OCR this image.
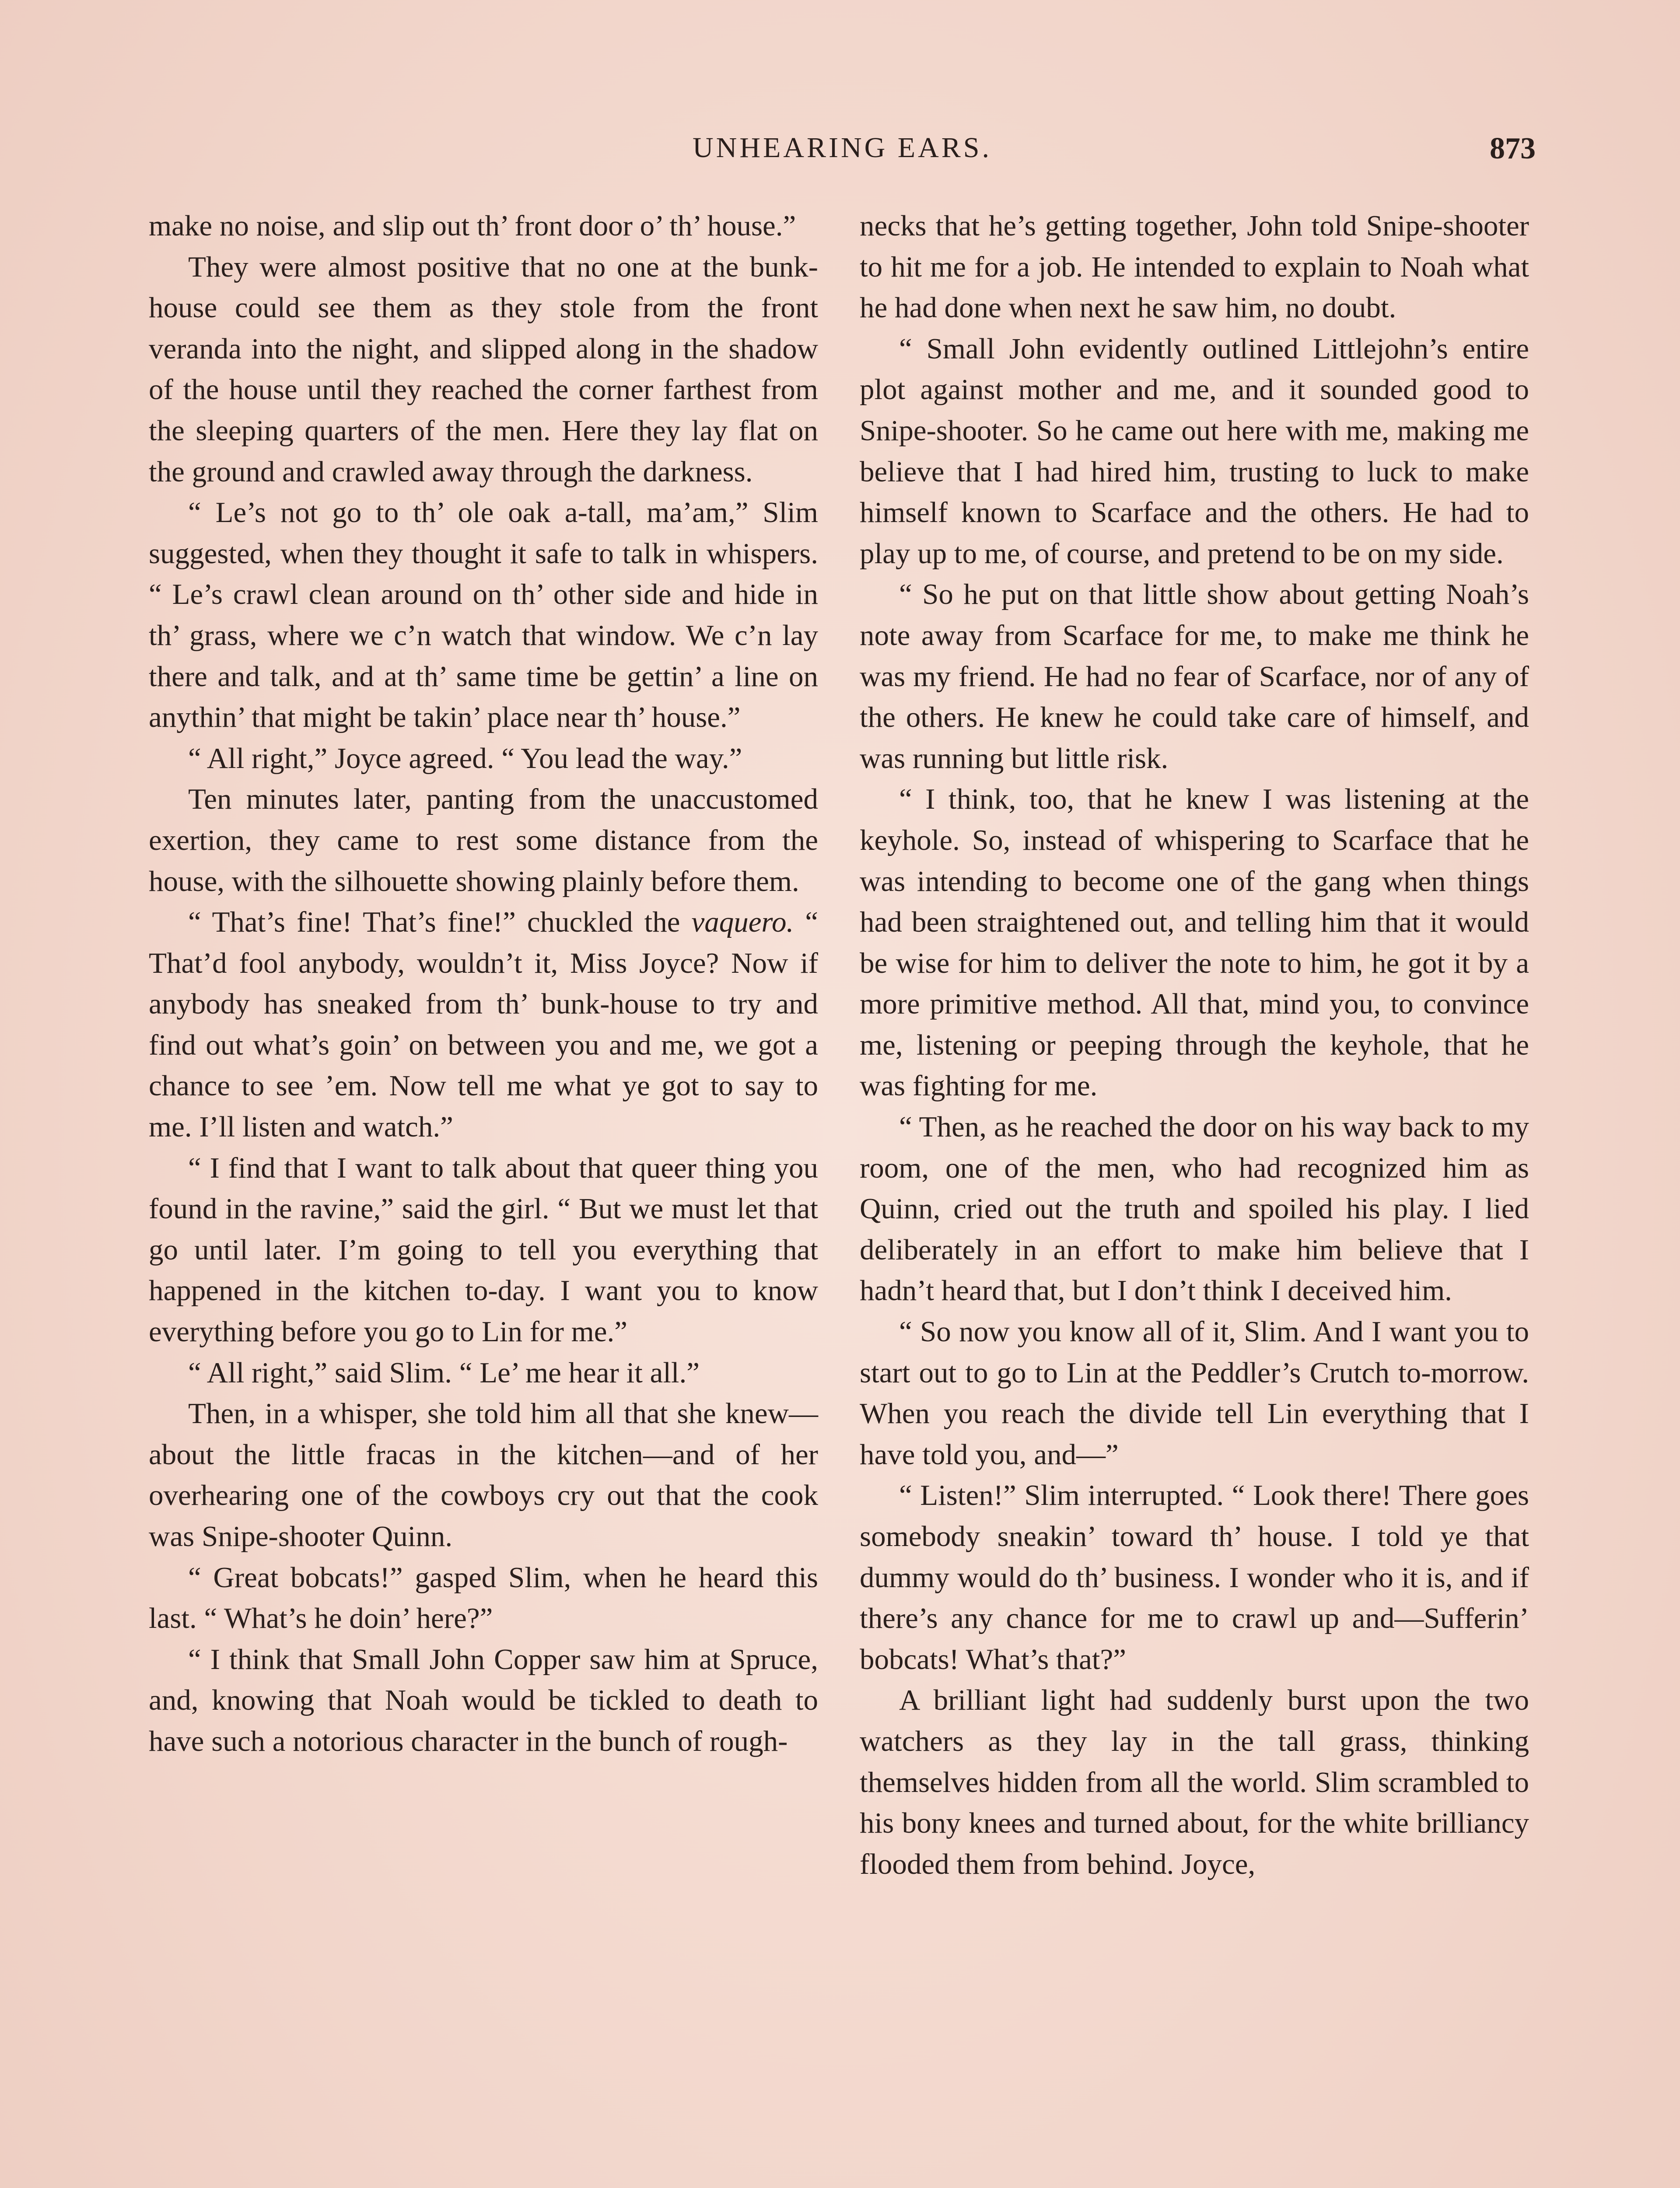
UNHEARING EARS.	873

make no noise, and slip out th’ front door o’ th’ house.”

They were almost positive that no one at the bunk-house could see them as they stole from the front veranda into the night, and slipped along in the shadow of the house until they reached the corner farthest from the sleeping quarters of the men. Here they lay flat on the ground and crawled away through the darkness.

“ Le’s not go to th’ ole oak a-tall, ma’am,” Slim suggested, when they thought it safe to talk in whispers. “ Le’s crawl clean around on th’ other side and hide in th’ grass, where we c’n watch that window. We c’n lay there and talk, and at th’ same time be gettin’ a line on anythin’ that might be takin’ place near th’ house.”

“ All right,” Joyce agreed. “ You lead the way.”

Ten minutes later, panting from the unaccustomed exertion, they came to rest some distance from the house, with the silhouette showing plainly before them.

“ That’s fine! That’s fine!” chuckled the vaquero. “ That’d fool anybody, wouldn’t it, Miss Joyce? Now if anybody has sneaked from th’ bunk-house to try and find out what’s goin’ on between you and me, we got a chance to see ’em. Now tell me what ye got to say to me. I’ll listen and watch.”

“ I find that I want to talk about that queer thing you found in the ravine,” said the girl. “ But we must let that go until later. I’m going to tell you everything that happened in the kitchen to-day. I want you to know everything before you go to Lin for me.”

“ All right,” said Slim. “ Le’ me hear it all.”

Then, in a whisper, she told him all that she knew—about the little fracas in the kitchen—and of her overhearing one of the cowboys cry out that the cook was Snipe-shooter Quinn.

“ Great bobcats!” gasped Slim, when he heard this last. “ What’s he doin’ here?”

“ I think that Small John Copper saw him at Spruce, and, knowing that Noah would be tickled to death to have such a notorious character in the bunch of rough-

necks that he’s getting together, John told Snipe-shooter to hit me for a job. He intended to explain to Noah what he had done when next he saw him, no doubt.

“ Small John evidently outlined Littlejohn’s entire plot against mother and me, and it sounded good to Snipe-shooter. So he came out here with me, making me believe that I had hired him, trusting to luck to make himself known to Scarface and the others. He had to play up to me, of course, and pretend to be on my side.

“ So he put on that little show about getting Noah’s note away from Scarface for me, to make me think he was my friend. He had no fear of Scarface, nor of any of the others. He knew he could take care of himself, and was running but little risk.

“ I think, too, that he knew I was listening at the keyhole. So, instead of whispering to Scarface that he was intending to become one of the gang when things had been straightened out, and telling him that it would be wise for him to deliver the note to him, he got it by a more primitive method. All that, mind you, to convince me, listening or peeping through the keyhole, that he was fighting for me.

“ Then, as he reached the door on his way back to my room, one of the men, who had recognized him as Quinn, cried out the truth and spoiled his play. I lied deliberately in an effort to make him believe that I hadn’t heard that, but I don’t think I deceived him.

“ So now you know all of it, Slim. And I want you to start out to go to Lin at the Peddler’s Crutch to-morrow. When you reach the divide tell Lin everything that I have told you, and—”

“ Listen!” Slim interrupted. “ Look there! There goes somebody sneakin’ toward th’ house. I told ye that dummy would do th’ business. I wonder who it is, and if there’s any chance for me to crawl up and—Sufferin’ bobcats! What’s that?”

A brilliant light had suddenly burst upon the two watchers as they lay in the tall grass, thinking themselves hidden from all the world. Slim scrambled to his bony knees and turned about, for the white brilliancy flooded them from behind. Joyce,
